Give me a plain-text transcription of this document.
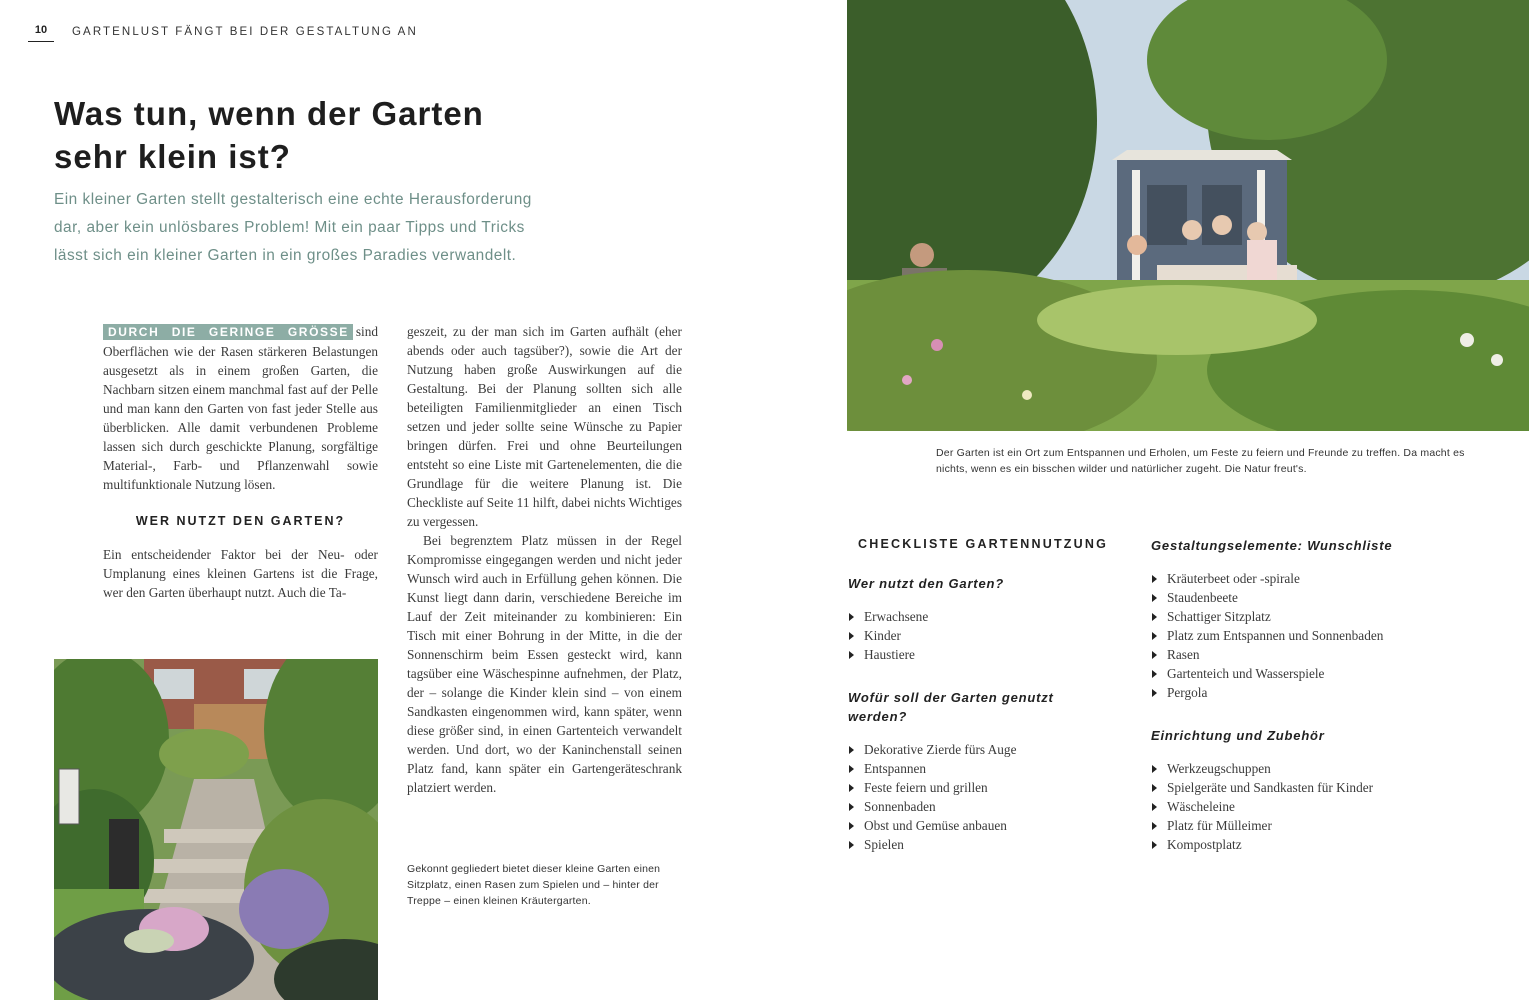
10	GARTENLUST FÄNGT BEI DER GESTALTUNG AN
Was tun, wenn der Garten
sehr klein ist?

Ein kleiner Garten stellt gestalterisch eine echte Herausforderung dar, aber kein unlösbares Problem! Mit ein paar Tipps und Tricks lässt sich ein kleiner Garten in ein großes Paradies verwandelt.

DURCH DIE GERINGE GRÖSSE sind Oberflächen wie der Rasen stärkeren Belastungen ausgesetzt als in einem großen Garten, die Nachbarn sitzen einem manchmal fast auf der Pelle und man kann den Garten von fast jeder Stelle aus überblicken. Alle damit verbundenen Probleme lassen sich durch geschickte Planung, sorgfältige Material-, Farb- und Pflanzenwahl sowie multifunktionale Nutzung lösen.

WER NUTZT DEN GARTEN?

Ein entscheidender Faktor bei der Neu- oder Umplanung eines kleinen Gartens ist die Frage, wer den Garten überhaupt nutzt. Auch die Ta-

geszeit, zu der man sich im Garten aufhält (eher abends oder auch tagsüber?), sowie die Art der Nutzung haben große Auswirkungen auf die Gestaltung. Bei der Planung sollten sich alle beteiligten Familienmitglieder an einen Tisch setzen und jeder sollte seine Wünsche zu Papier bringen dürfen. Frei und ohne Beurteilungen entsteht so eine Liste mit Gartenelementen, die die Grundlage für die weitere Planung ist. Die Checkliste auf Seite 11 hilft, dabei nichts Wichtiges zu vergessen.

Bei begrenztem Platz müssen in der Regel Kompromisse eingegangen werden und nicht jeder Wunsch wird auch in Erfüllung gehen können. Die Kunst liegt dann darin, verschiedene Bereiche im Lauf der Zeit miteinander zu kombinieren: Ein Tisch mit einer Bohrung in der Mitte, in die der Sonnenschirm beim Essen gesteckt wird, kann tagsüber eine Wäschespinne aufnehmen, der Platz, der – solange die Kinder klein sind – von einem Sandkasten eingenommen wird, kann später, wenn diese größer sind, in einen Gartenteich verwandelt werden. Und dort, wo der Kaninchenstall seinen Platz fand, kann später ein Gartengeräteschrank platziert werden.

Gekonnt gegliedert bietet dieser kleine Garten einen Sitzplatz, einen Rasen zum Spielen und – hinter der Treppe – einen kleinen Kräutergarten.
Der Garten ist ein Ort zum Entspannen und Erholen, um Feste zu feiern und Freunde zu treffen. Da macht es nichts, wenn es ein bisschen wilder und natürlicher zugeht. Die Natur freut's.
CHECKLISTE GARTENNUTZUNG
Wer nutzt den Garten?
Erwachsene
Kinder
Haustiere
Wofür soll der Garten genutzt werden?
Dekorative Zierde fürs Auge
Entspannen
Feste feiern und grillen
Sonnenbaden
Obst und Gemüse anbauen
Spielen
Gestaltungselemente: Wunschliste
Kräuterbeet oder -spirale
Staudenbeete
Schattiger Sitzplatz
Platz zum Entspannen und Sonnenbaden
Rasen
Gartenteich und Wasserspiele
Pergola
Einrichtung und Zubehör
Werkzeugschuppen
Spielgeräte und Sandkasten für Kinder
Wäscheleine
Platz für Mülleimer
Kompostplatz
